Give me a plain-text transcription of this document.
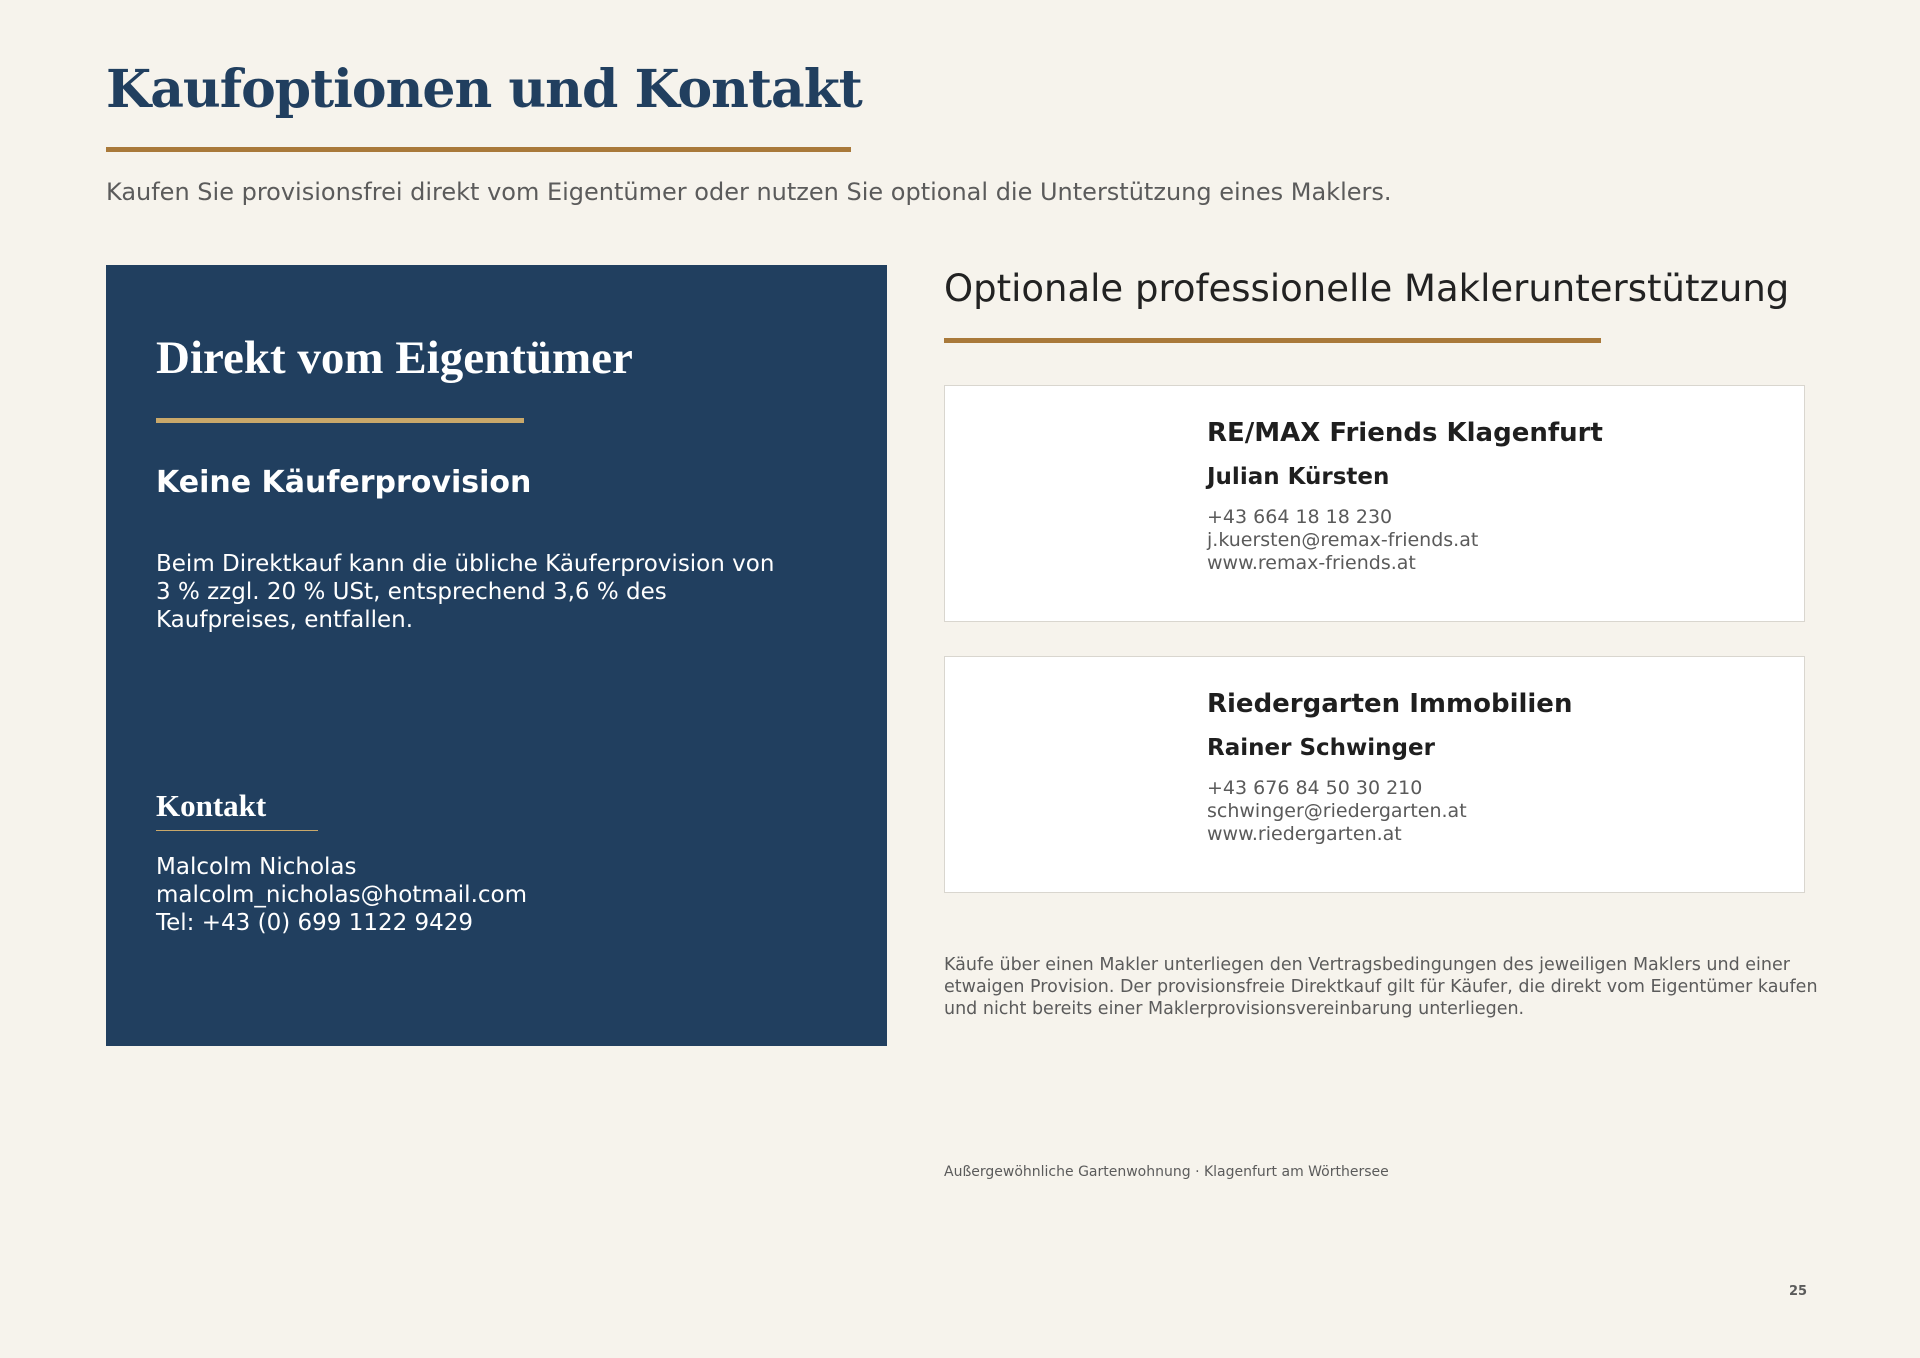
Kaufoptionen und Kontakt

Kaufen Sie provisionsfrei direkt vom Eigentümer oder nutzen Sie optional die Unterstützung eines Maklers.

Direkt vom Eigentümer
Keine Käuferprovision

Beim Direktkauf kann die übliche Käuferprovision von 3 % zzgl. 20 % USt, entsprechend 3,6 % des Kaufpreises, entfallen.

Kontakt
Malcolm Nicholas
malcolm_nicholas@hotmail.com
Tel: +43 (0) 699 1122 9429
Optionale professionelle Maklerunterstützung
RE/MAX Friends Klagenfurt

Julian Kürsten

+43 664 18 18 230
j.kuersten@remax-friends.at
www.remax-friends.at
Riedergarten Immobilien

Rainer Schwinger

+43 676 84 50 30 210
schwinger@riedergarten.at
www.riedergarten.at

Käufe über einen Makler unterliegen den Vertragsbedingungen des jeweiligen Maklers und einer etwaigen Provision. Der provisionsfreie Direktkauf gilt für Käufer, die direkt vom Eigentümer kaufen und nicht bereits einer Maklerprovisionsvereinbarung unterliegen.

Außergewöhnliche Gartenwohnung · Klagenfurt am Wörthersee

25
